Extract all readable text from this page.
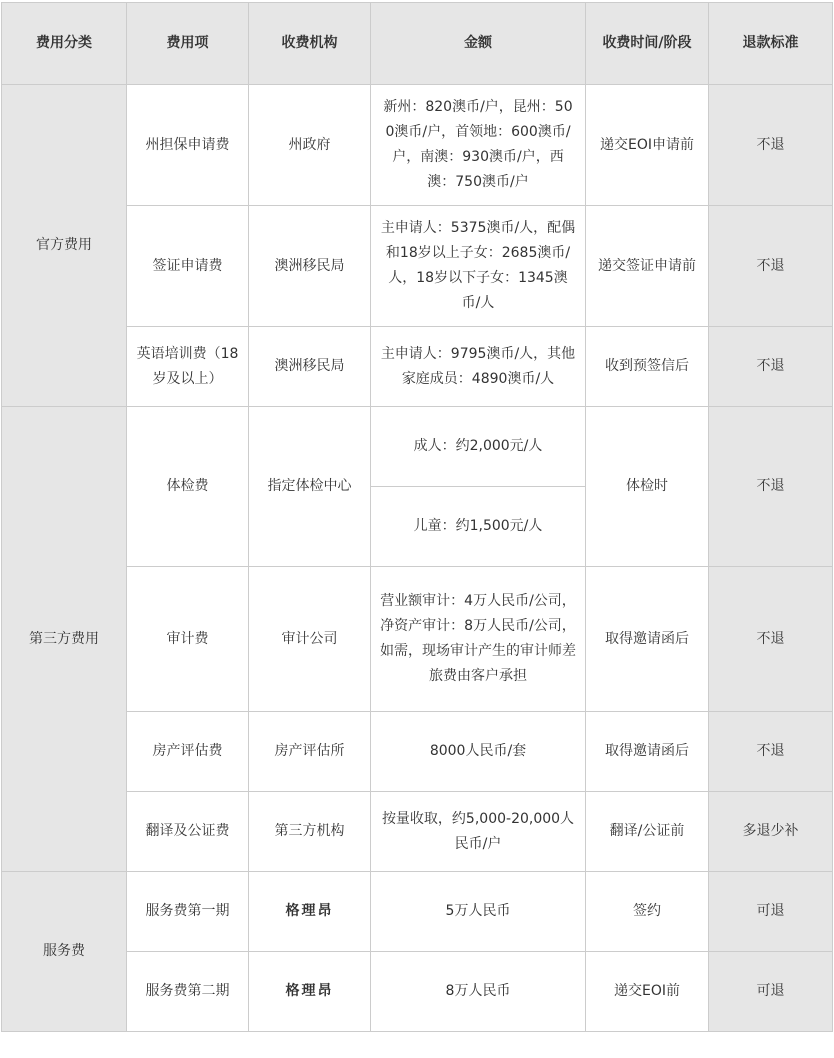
费用分类	费用项	收费机构	金额	收费时间/阶段	退款标准
官方费用	州担保申请费	州政府	新州：820澳币/户，昆州：500澳币/户，首领地：600澳币/户，南澳：930澳币/户，西澳：750澳币/户	递交EOI申请前	不退
	签证申请费	澳洲移民局	主申请人：5375澳币/人，配偶和18岁以上子女：2685澳币/人，18岁以下子女：1345澳币/人	递交签证申请前	不退
	英语培训费（18岁及以上）	澳洲移民局	主申请人：9795澳币/人，其他家庭成员：4890澳币/人	收到预签信后	不退
第三方费用	体检费	指定体检中心	成人：约2,000元/人	体检时	不退
			儿童：约1,500元/人		
	审计费	审计公司	营业额审计：4万人民币/公司，净资产审计：8万人民币/公司，如需，现场审计产生的审计师差旅费由客户承担	取得邀请函后	不退
	房产评估费	房产评估所	8000人民币/套	取得邀请函后	不退
	翻译及公证费	第三方机构	按量收取，约5,000-20,000人民币/户	翻译/公证前	多退少补
服务费	服务费第一期	格理昂	5万人民币	签约	可退
	服务费第二期	格理昂	8万人民币	递交EOI前	可退
